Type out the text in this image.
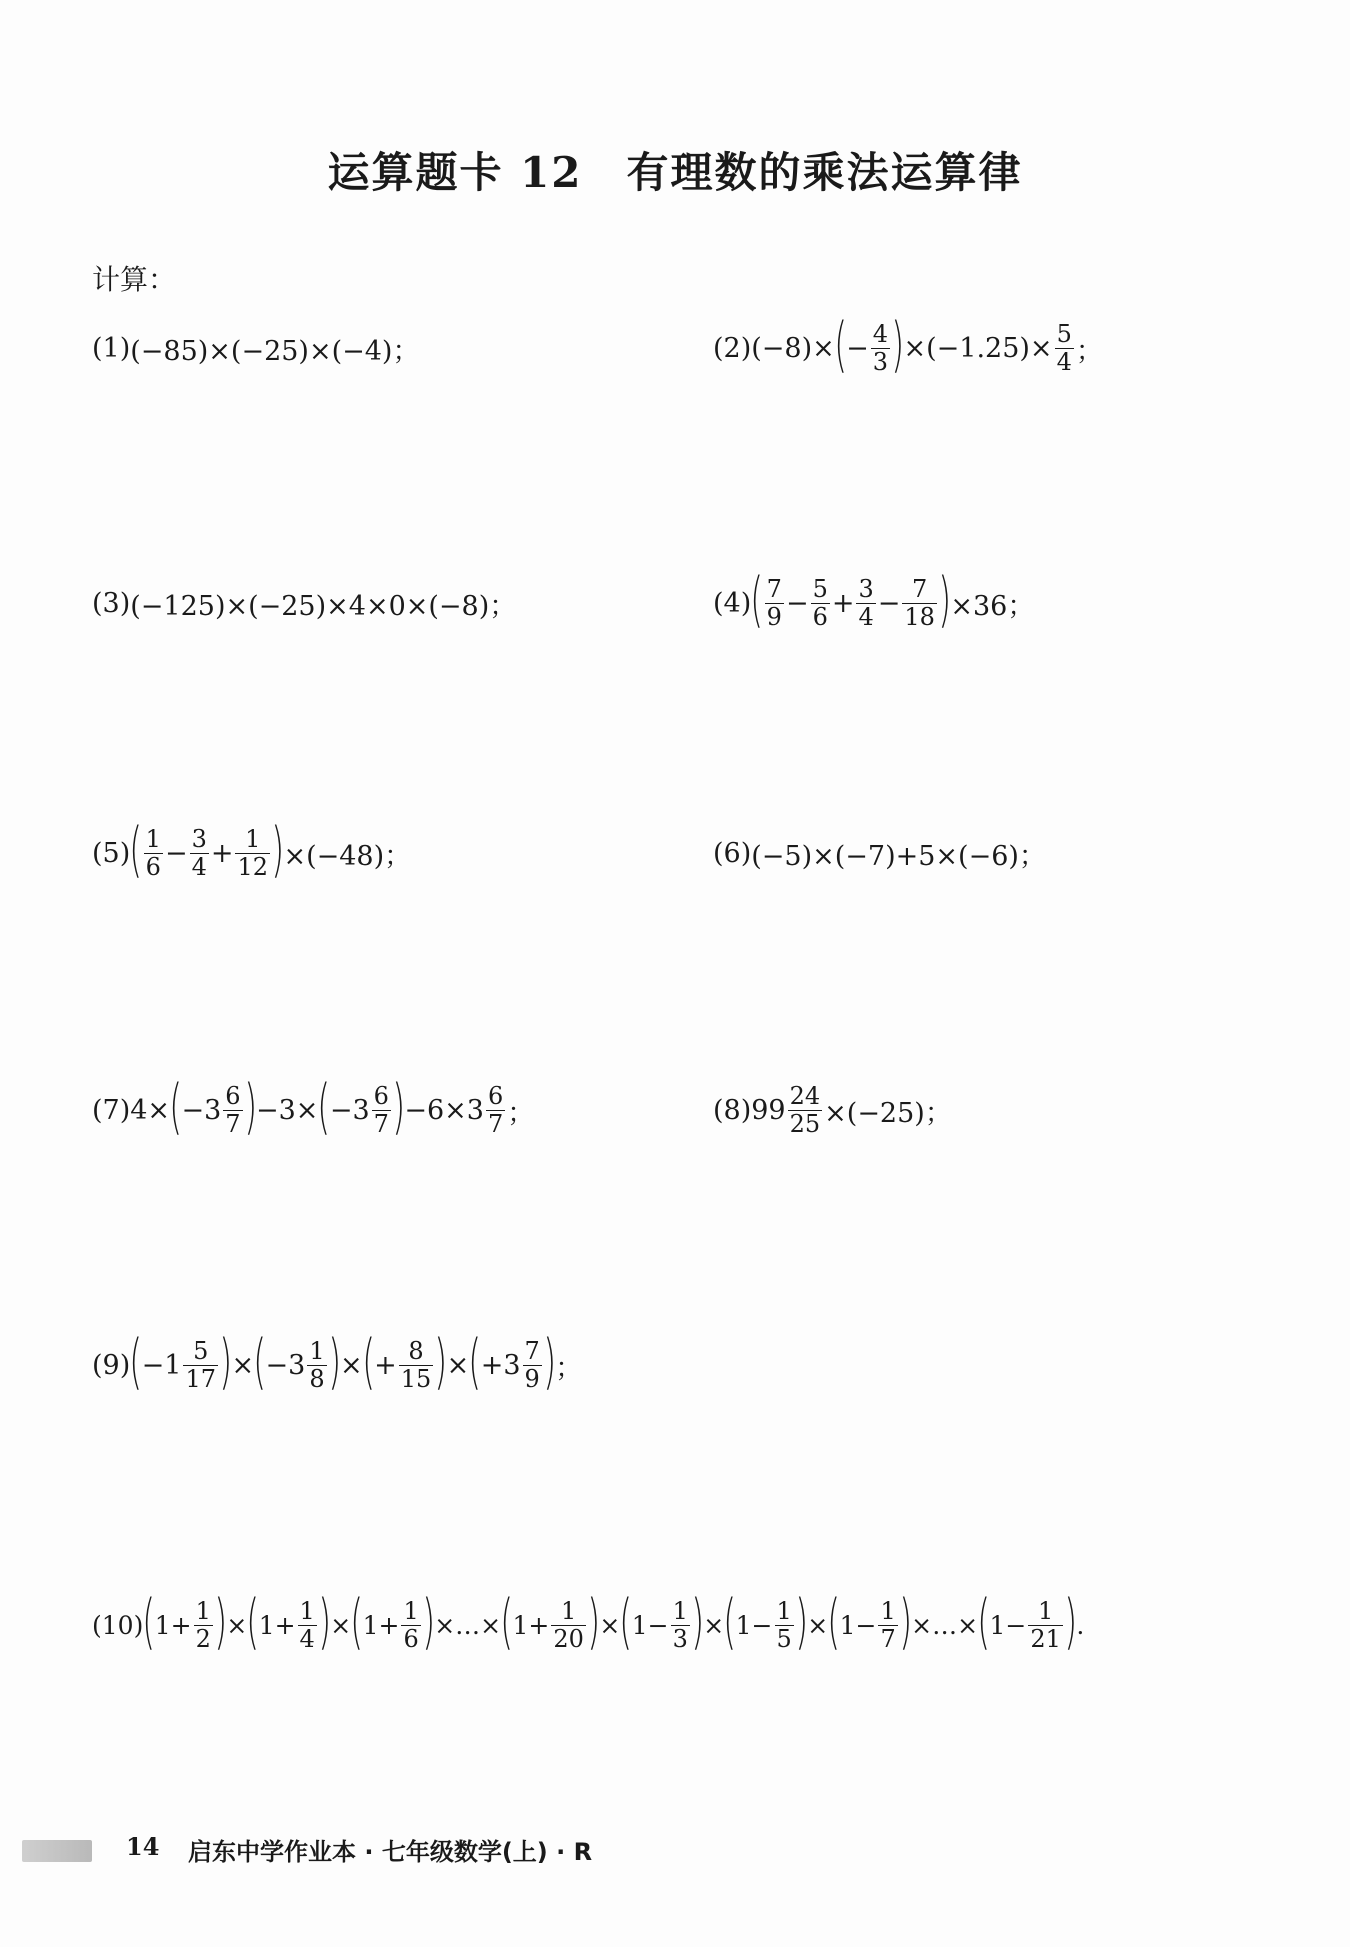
运算题卡 12 有理数的乘法运算律
计算：
(1) (−85)×(−25)×(−4)；	(2) (−8)× ( − $\frac{4}{3}$ ) $\times(-1.25)\times \frac{5}{4}$ ；
(3) (−125)×(−25)×4×0×(−8)；	(4) ( $\frac{7}{9} - \frac{5}{6} + \frac{3}{4} - \frac{7}{18}$ ) ×36；
(5) ( $\frac{1}{6} - \frac{3}{4} + \frac{1}{12}$ ) ×(−48)；	(6) (−5)×(−7)+5×(−6)；
(7) 4× ( $-3 \frac{6}{7}$ ) −3× ( $-3 \frac{6}{7}$ ) $-6\times 3 \frac{6}{7}$ ；	(8) $99 \frac{24}{25} \times(-25)$；
(9) ( $-1 \frac{5}{17}$ ) × ( $-3 \frac{1}{8}$ ) × ( + $\frac{8}{15}$ ) × ( $+3 \frac{7}{9}$ ) ；
(10) ( $1+ \frac{1}{2}$ ) × ( $1+ \frac{1}{4}$ ) × ( $1+ \frac{1}{6}$ ) ×…× ( $1+ \frac{1}{20}$ ) × ( $1- \frac{1}{3}$ ) × ( $1- \frac{1}{5}$ ) × ( $1- \frac{1}{7}$ ) ×…× ( $1- \frac{1}{21}$ ) .
14 启东中学作业本 · 七年级数学(上) · R
